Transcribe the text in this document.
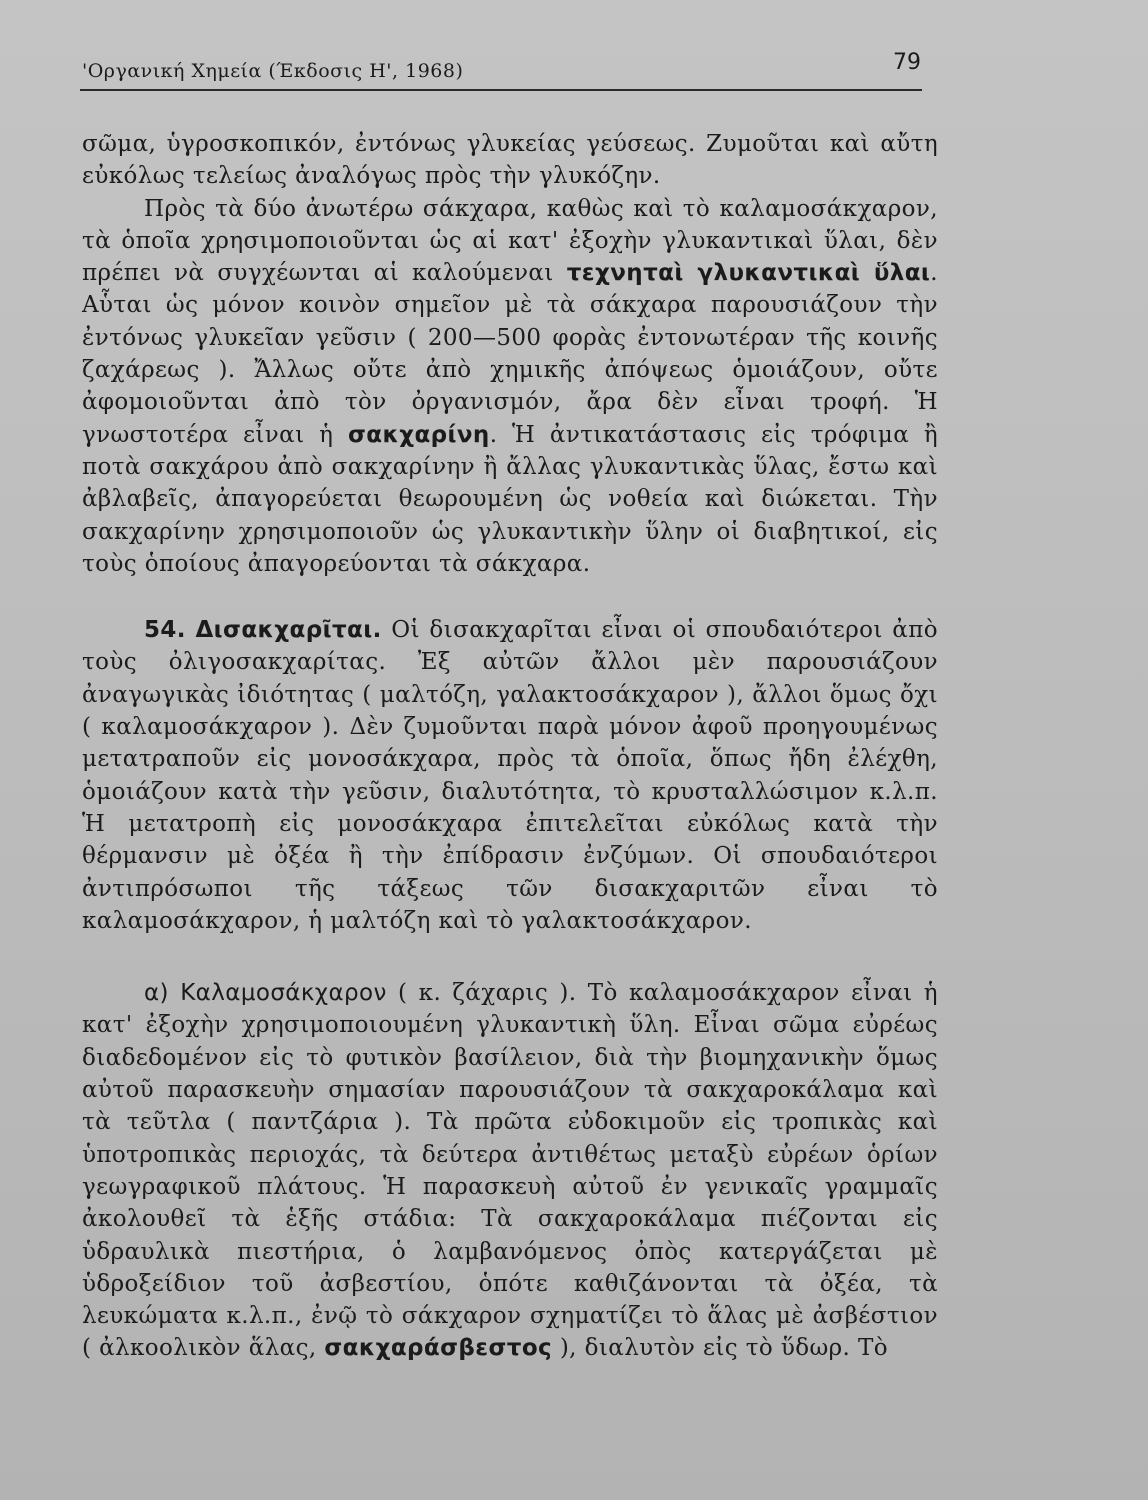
'Οργανική Χημεία (Έκδοσις Η', 1968)	79

σῶμα, ὑγροσκοπικόν, ἐντόνως γλυκείας γεύσεως. Ζυμοῦται καὶ αὔτη εὐκόλως τελείως ἀναλόγως πρὸς τὴν γλυκόζην.

Πρὸς τὰ δύο ἀνωτέρω σάκχαρα, καθὼς καὶ τὸ καλαμοσάκχαρον, τὰ ὁποῖα χρησιμοποιοῦνται ὡς αἱ κατ' ἐξοχὴν γλυκαντικαὶ ὕλαι, δὲν πρέπει νὰ συγχέωνται αἱ καλούμεναι τεχνηταὶ γλυκαντικαὶ ὕλαι. Αὗται ὡς μόνον κοινὸν σημεῖον μὲ τὰ σάκχαρα παρουσιάζουν τὴν ἐντόνως γλυκεῖαν γεῦσιν ( 200—500 φορὰς ἐντονωτέραν τῆς κοινῆς ζαχάρεως ). Ἄλλως οὔτε ἀπὸ χημικῆς ἀπόψεως ὁμοιάζουν, οὔτε ἀφομοιοῦνται ἀπὸ τὸν ὀργανισμόν, ἄρα δὲν εἶναι τροφή. Ἡ γνωστοτέρα εἶναι ἡ σακχαρίνη. Ἡ ἀντικατάστασις εἰς τρόφιμα ἢ ποτὰ σακχάρου ἀπὸ σακχαρίνην ἢ ἄλλας γλυκαντικὰς ὕλας, ἔστω καὶ ἀβλαβεῖς, ἀπαγορεύεται θεωρουμένη ὡς νοθεία καὶ διώκεται. Τὴν σακχαρίνην χρησιμοποιοῦν ὡς γλυκαντικὴν ὕλην οἱ διαβητικοί, εἰς τοὺς ὁποίους ἀπαγορεύονται τὰ σάκχαρα.

54. Δισακχαρῖται. Οἱ δισακχαρῖται εἶναι οἱ σπουδαιότεροι ἀπὸ τοὺς ὀλιγοσακχαρίτας. Ἐξ αὐτῶν ἄλλοι μὲν παρουσιάζουν ἀναγωγικὰς ἰδιότητας ( μαλτόζη, γαλακτοσάκχαρον ), ἄλλοι ὅμως ὄχι ( καλαμοσάκχαρον ). Δὲν ζυμοῦνται παρὰ μόνον ἀφοῦ προηγουμένως μετατραποῦν εἰς μονοσάκχαρα, πρὸς τὰ ὁποῖα, ὅπως ἤδη ἐλέχθη, ὁμοιάζουν κατὰ τὴν γεῦσιν, διαλυτότητα, τὸ κρυσταλλώσιμον κ.λ.π. Ἡ μετατροπὴ εἰς μονοσάκχαρα ἐπιτελεῖται εὐκόλως κατὰ τὴν θέρμανσιν μὲ ὀξέα ἢ τὴν ἐπίδρασιν ἐνζύμων. Οἱ σπουδαιότεροι ἀντιπρόσωποι τῆς τάξεως τῶν δισακχαριτῶν εἶναι τὸ καλαμοσάκχαρον, ἡ μαλτόζη καὶ τὸ γαλακτοσάκχαρον.

α) Καλαμοσάκχαρον ( κ. ζάχαρις ). Τὸ καλαμοσάκχαρον εἶναι ἡ κατ' ἐξοχὴν χρησιμοποιουμένη γλυκαντικὴ ὕλη. Εἶναι σῶμα εὐρέως διαδεδομένον εἰς τὸ φυτικὸν βασίλειον, διὰ τὴν βιομηχανικὴν ὅμως αὐτοῦ παρασκευὴν σημασίαν παρουσιάζουν τὰ σακχαροκάλαμα καὶ τὰ τεῦτλα ( παντζάρια ). Τὰ πρῶτα εὐδοκιμοῦν εἰς τροπικὰς καὶ ὑποτροπικὰς περιοχάς, τὰ δεύτερα ἀντιθέτως μεταξὺ εὐρέων ὁρίων γεωγραφικοῦ πλάτους. Ἡ παρασκευὴ αὐτοῦ ἐν γενικαῖς γραμμαῖς ἀκολουθεῖ τὰ ἑξῆς στάδια: Τὰ σακχαροκάλαμα πιέζονται εἰς ὑδραυλικὰ πιεστήρια, ὁ λαμβανόμενος ὀπὸς κατεργάζεται μὲ ὑδροξείδιον τοῦ ἀσβεστίου, ὁπότε καθιζάνονται τὰ ὀξέα, τὰ λευκώματα κ.λ.π., ἐνῷ τὸ σάκχαρον σχηματίζει τὸ ἅλας μὲ ἀσβέστιον ( ἀλκοολικὸν ἅλας, σακχαράσβεστος ), διαλυτὸν εἰς τὸ ὕδωρ. Τὸ
